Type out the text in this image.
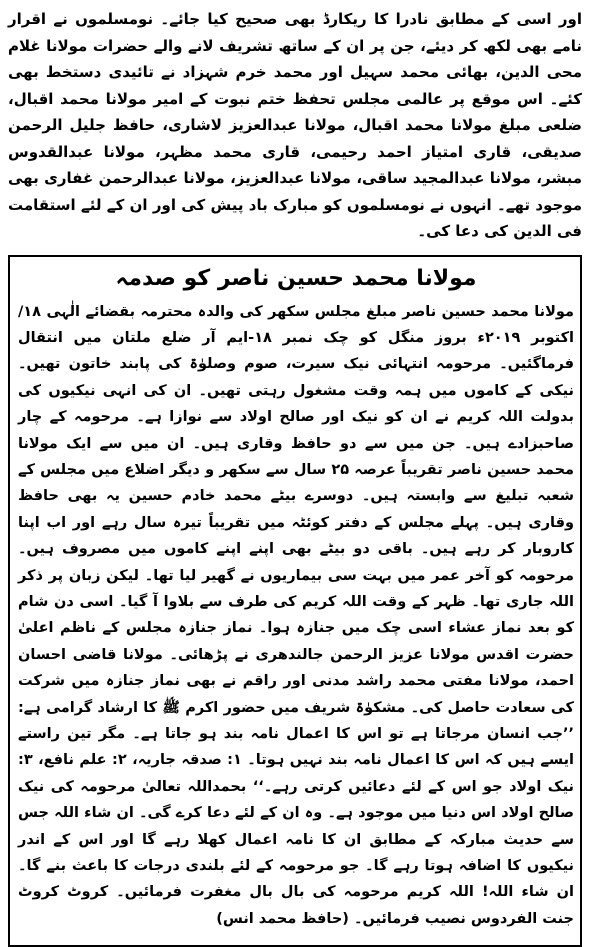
اور اسی کے مطابق نادرا کا ریکارڈ بھی صحیح کیا جائے۔ نومسلموں نے اقرار نامے بھی لکھ کر دیئے، جن پر ان کے ساتھ تشریف لانے والے حضرات مولانا غلام محی الدین، بھائی محمد سہیل اور محمد خرم شہزاد نے تائیدی دستخط بھی کئے۔ اس موقع پر عالمی مجلس تحفظ ختم نبوت کے امیر مولانا محمد اقبال، ضلعی مبلغ مولانا محمد اقبال، مولانا عبدالعزیز لاشاری، حافظ جلیل الرحمن صدیقی، قاری امتیاز احمد رحیمی، قاری محمد مظہر، مولانا عبدالقدوس مبشر، مولانا عبدالمجید ساقی، مولانا عبدالعزیز، مولانا عبدالرحمن غفاری بھی موجود تھے۔ انہوں نے نومسلموں کو مبارک باد پیش کی اور ان کے لئے استقامت فی الدین کی دعا کی۔

مولانا محمد حسین ناصر کو صدمہ

مولانا محمد حسین ناصر مبلغ مجلس سکھر کی والدہ محترمہ بقضائے الٰہی ۱۸/ اکتوبر ۲۰۱۹ء بروز منگل کو چک نمبر ۱۸-ایم آر ضلع ملتان میں انتقال فرماگئیں۔ مرحومہ انتہائی نیک سیرت، صوم وصلوٰۃ کی پابند خاتون تھیں۔ نیکی کے کاموں میں ہمہ وقت مشغول رہتی تھیں۔ ان کی انہی نیکیوں کی بدولت اللہ کریم نے ان کو نیک اور صالح اولاد سے نوازا ہے۔ مرحومہ کے چار صاحبزادے ہیں۔ جن میں سے دو حافظ وقاری ہیں۔ ان میں سے ایک مولانا محمد حسین ناصر تقریباً عرصہ ۲۵ سال سے سکھر و دیگر اضلاع میں مجلس کے شعبہ تبلیغ سے وابستہ ہیں۔ دوسرے بیٹے محمد خادم حسین یہ بھی حافظ وقاری ہیں۔ پہلے مجلس کے دفتر کوئٹہ میں تقریباً تیرہ سال رہے اور اب اپنا کاروبار کر رہے ہیں۔ باقی دو بیٹے بھی اپنے اپنے کاموں میں مصروف ہیں۔ مرحومہ کو آخر عمر میں بہت سی بیماریوں نے گھیر لیا تھا۔ لیکن زبان پر ذکر اللہ جاری تھا۔ ظہر کے وقت اللہ کریم کی طرف سے بلاوا آ گیا۔ اسی دن شام کو بعد نماز عشاء اسی چک میں جنازہ ہوا۔ نماز جنازہ مجلس کے ناظم اعلیٰ حضرت اقدس مولانا عزیز الرحمن جالندھری نے پڑھائی۔ مولانا قاضی احسان احمد، مولانا مفتی محمد راشد مدنی اور راقم نے بھی نماز جنازہ میں شرکت کی سعادت حاصل کی۔ مشکوٰۃ شریف میں حضور اکرم ﷺ کا ارشاد گرامی ہے: ’’جب انسان مرجاتا ہے تو اس کا اعمال نامہ بند ہو جاتا ہے۔ مگر تین راستے ایسے ہیں کہ اس کا اعمال نامہ بند نہیں ہوتا۔ ۱: صدقہ جاریہ، ۲: علم نافع، ۳: نیک اولاد جو اس کے لئے دعائیں کرتی رہے۔‘‘ بحمداللہ تعالیٰ مرحومہ کی نیک صالح اولاد اس دنیا میں موجود ہے۔ وہ ان کے لئے دعا کرے گی۔ ان شاء اللہ جس سے حدیث مبارکہ کے مطابق ان کا نامہ اعمال کھلا رہے گا اور اس کے اندر نیکیوں کا اضافہ ہوتا رہے گا۔ جو مرحومہ کے لئے بلندی درجات کا باعث بنے گا۔ ان شاء اللہ! اللہ کریم مرحومہ کی بال بال مغفرت فرمائیں۔ کروٹ کروٹ جنت الفردوس نصیب فرمائیں۔ (حافظ محمد انس)
